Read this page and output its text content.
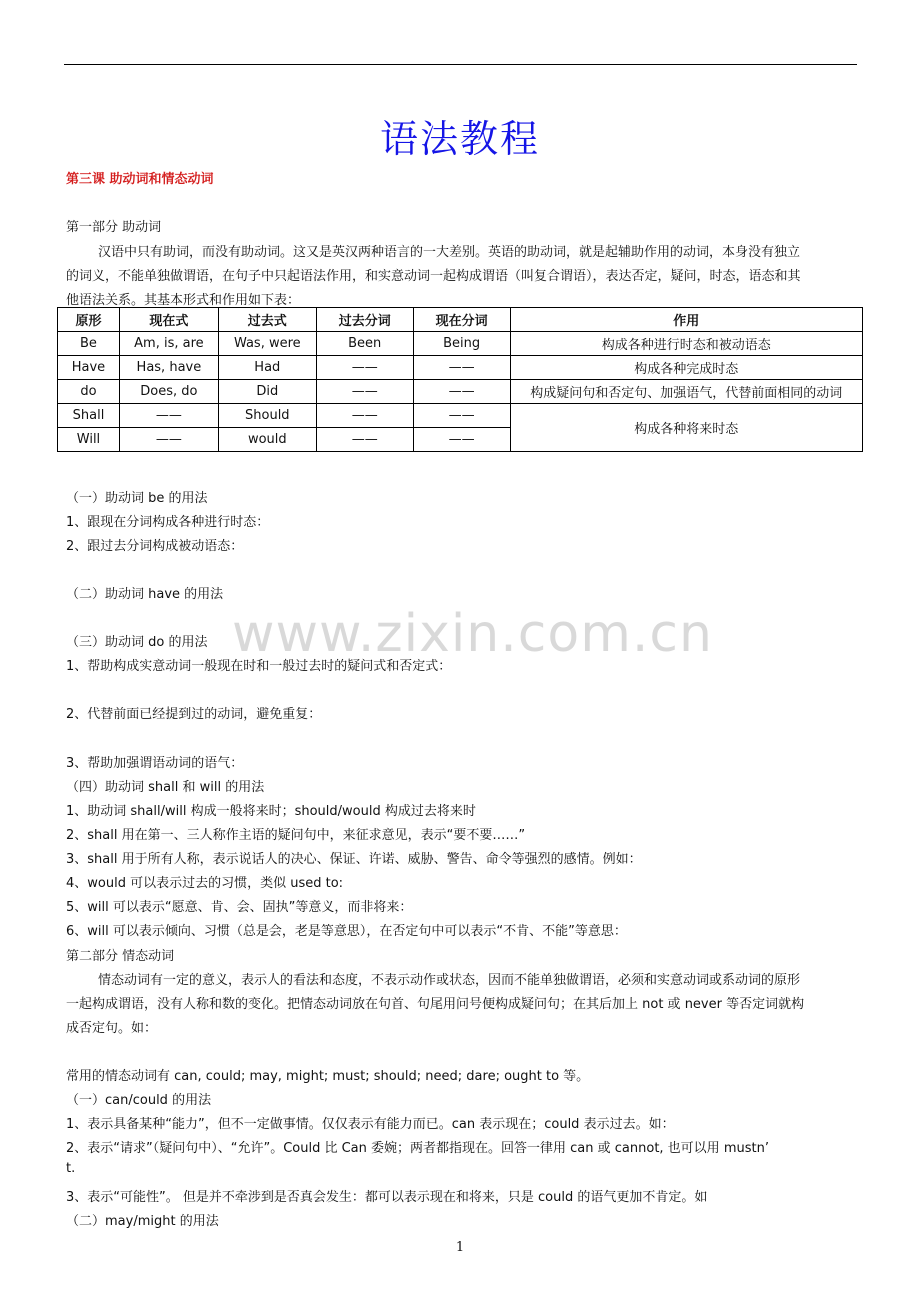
语法教程
第三课 助动词和情态动词
第一部分 助动词
汉语中只有助词，而没有助动词。这又是英汉两种语言的一大差别。英语的助动词，就是起辅助作用的动词，本身没有独立
的词义，不能单独做谓语，在句子中只起语法作用，和实意动词一起构成谓语（叫复合谓语），表达否定，疑问，时态，语态和其
他语法关系。其基本形式和作用如下表：
原形	现在式	过去式	过去分词	现在分词	作用
Be	Am, is, are	Was, were	Been	Being	构成各种进行时态和被动语态
Have	Has, have	Had	——	——	构成各种完成时态
do	Does, do	Did	——	——	构成疑问句和否定句、加强语气，代替前面相同的动词
Shall	——	Should	——	——	构成各种将来时态
Will	——	would	——	——	
（一）助动词 be 的用法
1、跟现在分词构成各种进行时态：
2、跟过去分词构成被动语态：
（二）助动词 have 的用法
www.zixin.com.cn
（三）助动词 do 的用法
1、帮助构成实意动词一般现在时和一般过去时的疑问式和否定式：
2、代替前面已经提到过的动词，避免重复：
3、帮助加强谓语动词的语气：
（四）助动词 shall 和 will 的用法
1、助动词 shall/will 构成一般将来时；should/would 构成过去将来时
2、shall 用在第一、三人称作主语的疑问句中，来征求意见，表示“要不要……”
3、shall 用于所有人称，表示说话人的决心、保证、许诺、威胁、警告、命令等强烈的感情。例如：
4、would 可以表示过去的习惯，类似 used to:
5、will 可以表示“愿意、肯、会、固执”等意义，而非将来：
6、will 可以表示倾向、习惯（总是会，老是等意思），在否定句中可以表示“不肯、不能”等意思：
第二部分 情态动词
情态动词有一定的意义，表示人的看法和态度，不表示动作或状态，因而不能单独做谓语，必须和实意动词或系动词的原形
一起构成谓语，没有人称和数的变化。把情态动词放在句首、句尾用问号便构成疑问句；在其后加上 not 或 never 等否定词就构
成否定句。如：
常用的情态动词有 can, could; may, might; must; should; need; dare; ought to 等。
（一）can/could 的用法
1、表示具备某种“能力”，但不一定做事情。仅仅表示有能力而已。can 表示现在；could 表示过去。如：
2、表示“请求”（疑问句中）、“允许”。Could 比 Can 委婉；两者都指现在。回答一律用 can 或 cannot, 也可以用 mustn’
t.
3、表示“可能性”。 但是并不牵涉到是否真会发生：都可以表示现在和将来，只是 could 的语气更加不肯定。如
（二）may/might 的用法
1
